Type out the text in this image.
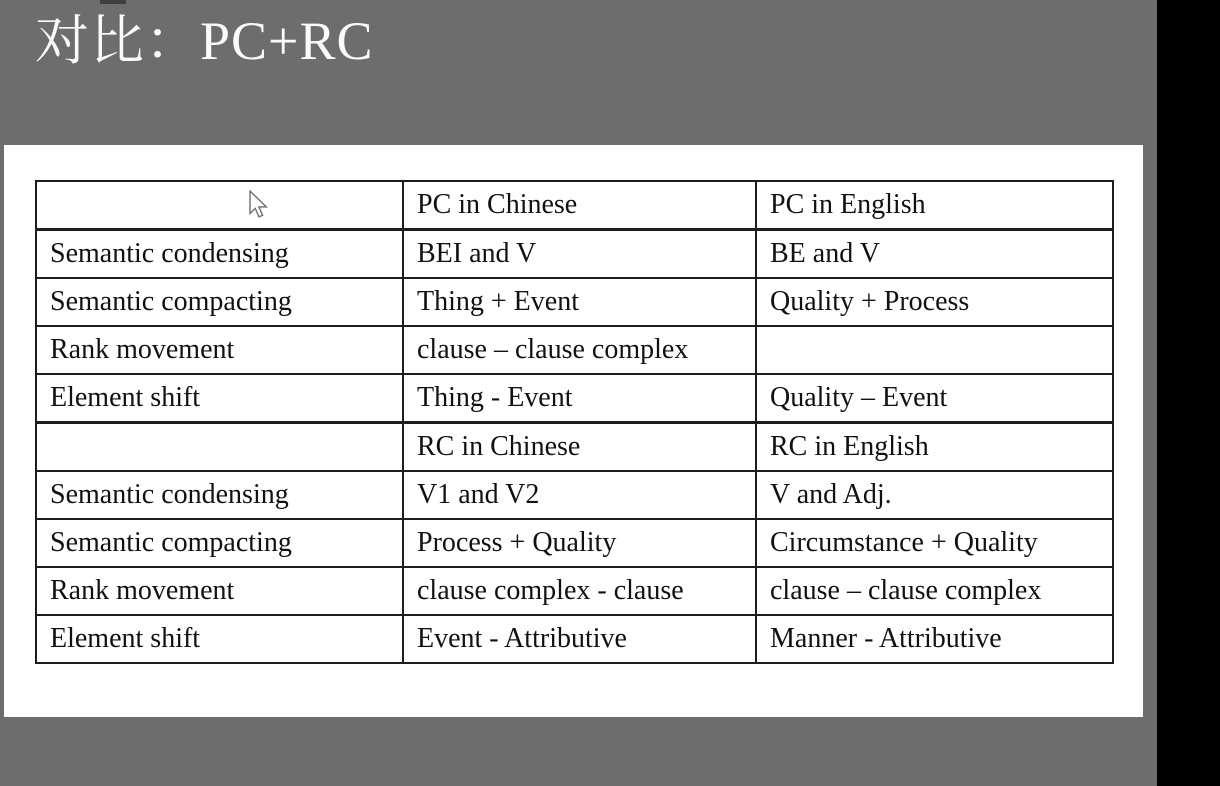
对比：PC+RC
	PC in Chinese	PC in English
Semantic condensing	BEI and V	BE and V
Semantic compacting	Thing + Event	Quality + Process
Rank movement	clause – clause complex	
Element shift	Thing - Event	Quality – Event
	RC in Chinese	RC in English
Semantic condensing	V1 and V2	V and Adj.
Semantic compacting	Process + Quality	Circumstance + Quality
Rank movement	clause complex - clause	clause – clause complex
Element shift	Event - Attributive	Manner - Attributive
